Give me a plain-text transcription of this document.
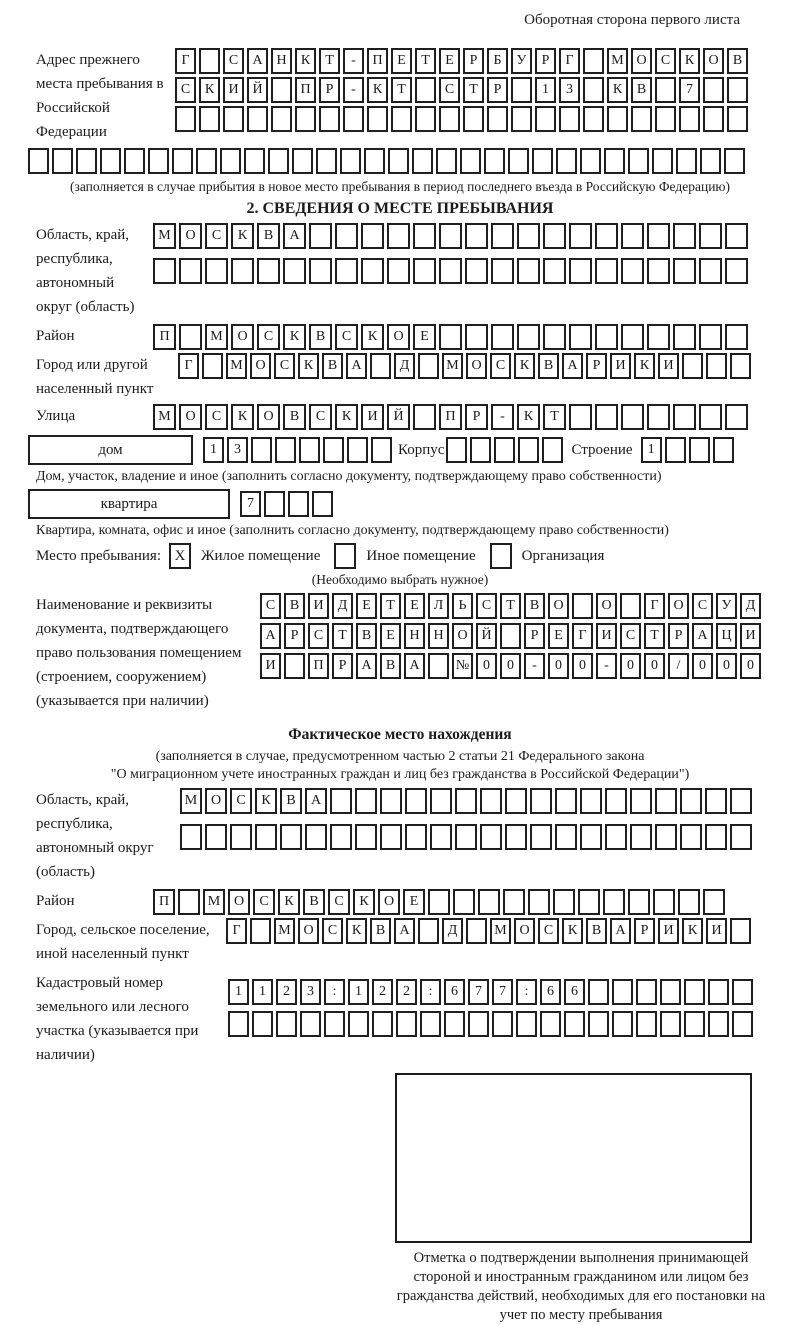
Оборотная сторона первого листа
Адрес прежнего места пребывания в Российской Федерации
Г	С	А Н	К	Т	-	П	Е	Т	Е	Р	Б	У	Р	Г	М О	С	К	О	В
С	К	И Й	П	Р	-	К	Т	С	Т	Р	1	3	К	В	7
(заполняется в случае прибытия в новое место пребывания в период последнего въезда в Российскую Федерацию)
2. СВЕДЕНИЯ О МЕСТЕ ПРЕБЫВАНИЯ
Область, край, республика, автономный округ (область)
М	О	С	К	В	А
Район	П	М	О	С	К	В	С	К	О	Е
Город или другой населенный пункт
Г	М О	С	К	В	А	Д	М О	С	К	В	А	Р	И	К	И
Улица	М	О	С	К	О	В	С	К	И	Й	П	Р	-	К	Т
дом	1	3	Корпус	Строение	1
Дом, участок, владение и иное (заполнить согласно документу, подтверждающему право собственности)
квартира	7
Квартира, комната, офис и иное (заполнить согласно документу, подтверждающему право собственности)
Место пребывания: X	Жилое помещение	Иное помещение	Организация
(Необходимо выбрать нужное)
Наименование и реквизиты документа, подтверждающего право пользования помещением (строением, сооружением) (указывается при наличии)
С	В	И	Д	Е	Т	Е	Л	Ь	С	Т	В	О	О	Г	О	С	У	Д
А	Р	С	Т	В	Е	Н Н О Й	Р	Е	Г	И	С	Т	Р	А Ц И
И	П	Р	А	В	А	№ 0	0	-	0	0	-	0	0	/	0	0	0
Фактическое место нахождения
(заполняется в случае, предусмотренном частью 2 статьи 21 Федерального закона
"О миграционном учете иностранных граждан и лиц без гражданства в Российской Федерации")
Область, край, республика, автономный округ (область)
М О	С	К	В	А
Район	П	М О	С	К	В	С	К	О	Е
Город, сельское поселение, иной населенный пункт
Г	М О	С	К	В	А	Д	М О	С	К	В	А	Р	И	К	И
Кадастровый номер земельного или лесного участка (указывается при наличии)
1	1	2	3	:	1	2	2	:	6	7	7	:	6	6
Отметка о подтверждении выполнения принимающей стороной и иностранным гражданином или лицом без гражданства действий, необходимых для его постановки на учет по месту пребывания
